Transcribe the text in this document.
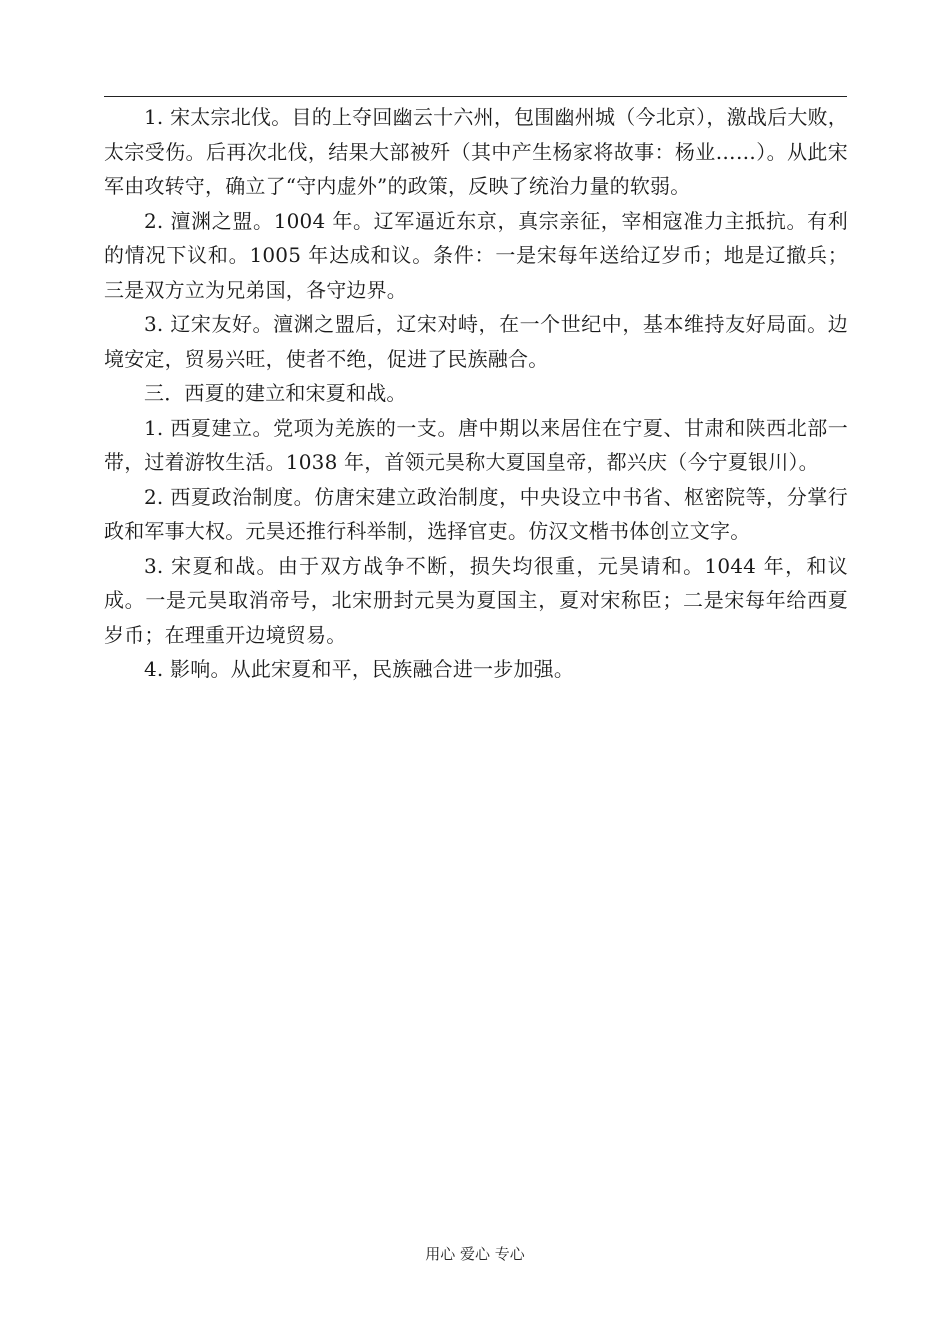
1. 宋太宗北伐。目的上夺回幽云十六州，包围幽州城（今北京），激战后大败，太宗受伤。后再次北伐，结果大部被歼（其中产生杨家将故事：杨业……）。从此宋军由攻转守，确立了“守内虚外”的政策，反映了统治力量的软弱。

2. 澶渊之盟。1004 年。辽军逼近东京，真宗亲征，宰相寇准力主抵抗。有利的情况下议和。1005 年达成和议。条件：一是宋每年送给辽岁币；地是辽撤兵；三是双方立为兄弟国，各守边界。

3. 辽宋友好。澶渊之盟后，辽宋对峙，在一个世纪中，基本维持友好局面。边境安定，贸易兴旺，使者不绝，促进了民族融合。

三．西夏的建立和宋夏和战。

1. 西夏建立。党项为羌族的一支。唐中期以来居住在宁夏、甘肃和陕西北部一带，过着游牧生活。1038 年，首领元昊称大夏国皇帝，都兴庆（今宁夏银川）。

2. 西夏政治制度。仿唐宋建立政治制度，中央设立中书省、枢密院等，分掌行政和军事大权。元昊还推行科举制，选择官吏。仿汉文楷书体创立文字。

3. 宋夏和战。由于双方战争不断，损失均很重，元昊请和。1044 年，和议成。一是元昊取消帝号，北宋册封元昊为夏国主，夏对宋称臣；二是宋每年给西夏岁币；在理重开边境贸易。

4. 影响。从此宋夏和平，民族融合进一步加强。

用心 爱心 专心
